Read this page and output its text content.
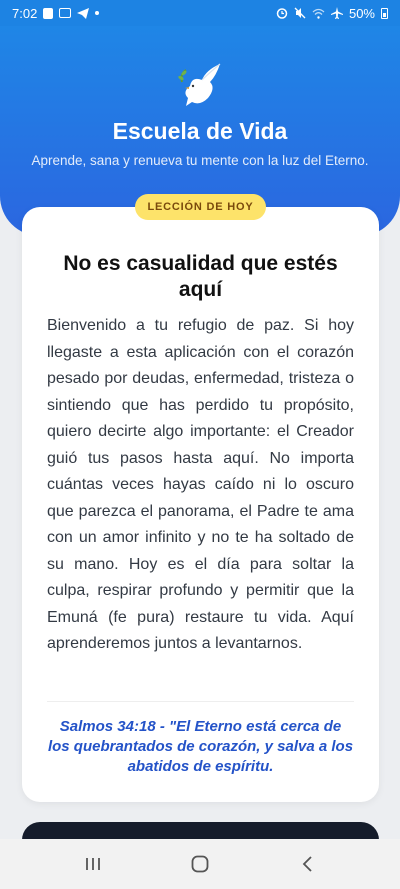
7:02	50%
Escuela de Vida
Aprende, sana y renueva tu mente con la luz del Eterno.
LECCIÓN DE HOY
No es casualidad que estés aquí

Bienvenido a tu refugio de paz. Si hoy llegaste a esta aplicación con el corazón pesado por deudas, enfermedad, tristeza o sintiendo que has perdido tu propósito, quiero decirte algo importante: el Creador guió tus pasos hasta aquí. No importa cuántas veces hayas caído ni lo oscuro que parezca el panorama, el Padre te ama con un amor infinito y no te ha soltado de su mano. Hoy es el día para soltar la culpa, respirar profundo y permitir que la Emuná (fe pura) restaure tu vida. Aquí aprenderemos juntos a levantarnos.

Salmos 34:18 - "El Eterno está cerca de los quebrantados de corazón, y salva a los abatidos de espíritu.
